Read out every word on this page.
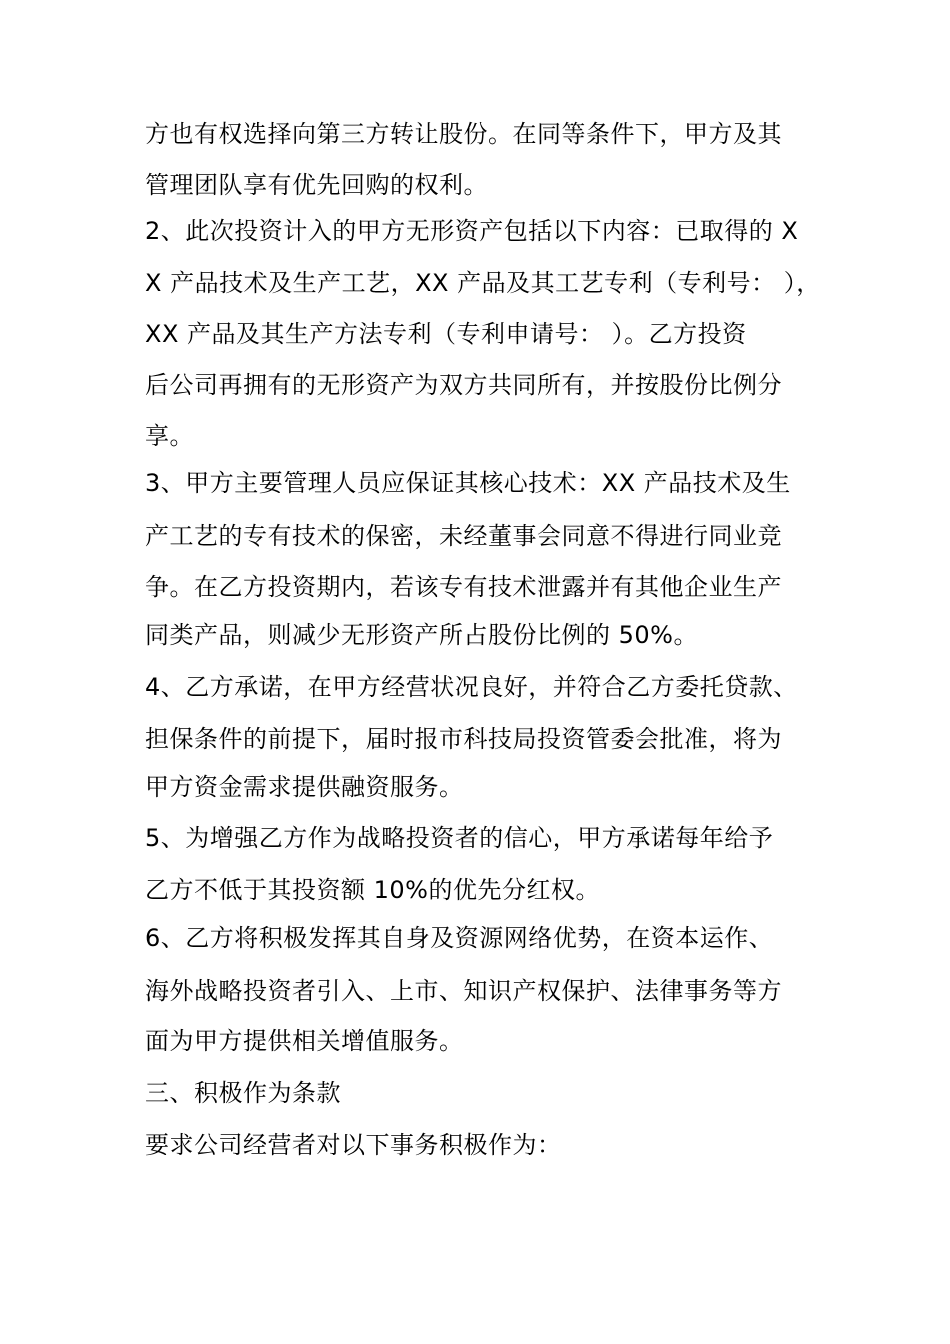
方也有权选择向第三方转让股份。在同等条件下，甲方及其
管理团队享有优先回购的权利。
2、此次投资计入的甲方无形资产包括以下内容：已取得的 X
X 产品技术及生产工艺，XX 产品及其工艺专利（专利号： ），
XX 产品及其生产方法专利（专利申请号： ）。乙方投资
后公司再拥有的无形资产为双方共同所有，并按股份比例分
享。
3、甲方主要管理人员应保证其核心技术：XX 产品技术及生
产工艺的专有技术的保密，未经董事会同意不得进行同业竞
争。在乙方投资期内，若该专有技术泄露并有其他企业生产
同类产品，则减少无形资产所占股份比例的 50%。
4、乙方承诺，在甲方经营状况良好，并符合乙方委托贷款、
担保条件的前提下，届时报市科技局投资管委会批准，将为
甲方资金需求提供融资服务。
5、为增强乙方作为战略投资者的信心，甲方承诺每年给予
乙方不低于其投资额 10%的优先分红权。
6、乙方将积极发挥其自身及资源网络优势，在资本运作、
海外战略投资者引入、上市、知识产权保护、法律事务等方
面为甲方提供相关增值服务。
三、积极作为条款
要求公司经营者对以下事务积极作为：
